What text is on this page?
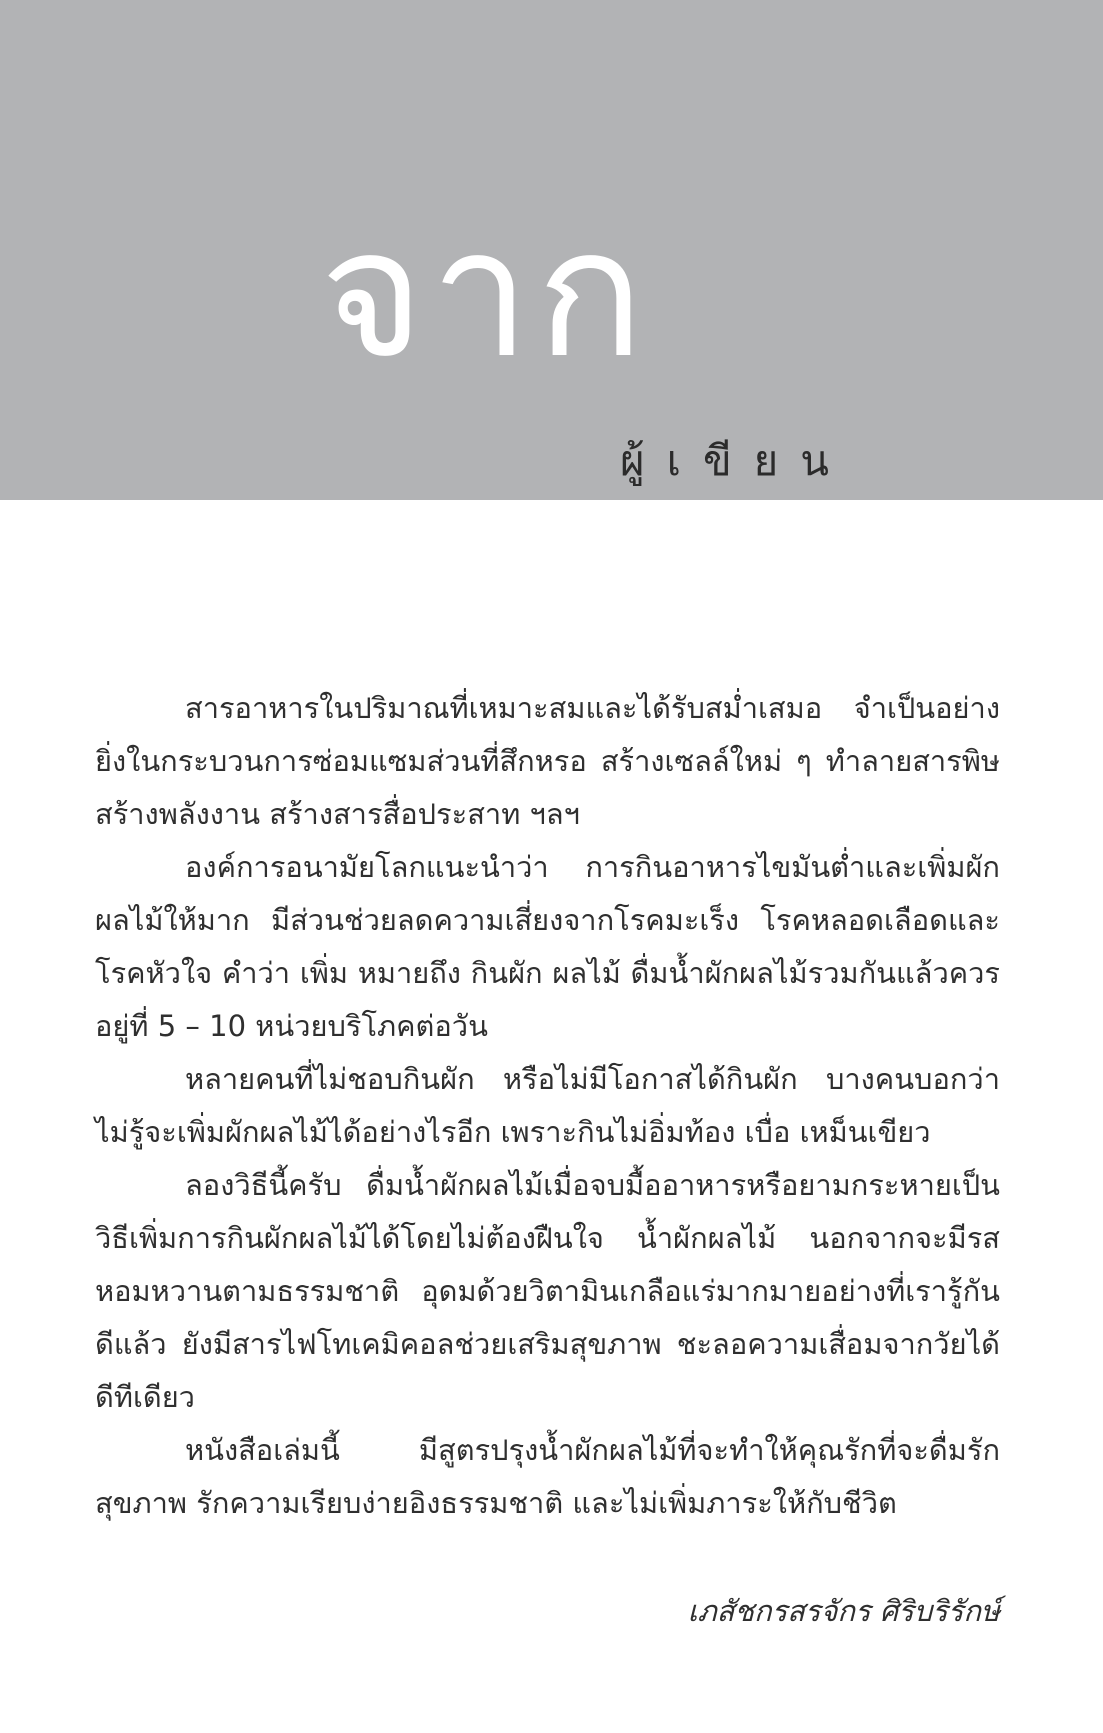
จาก
ผู้เขียน

สารอาหารในปริมาณที่เหมาะสมและได้รับสม่ำเสมอ จำเป็นอย่างยิ่งในกระบวนการซ่อมแซมส่วนที่สึกหรอ สร้างเซลล์ใหม่ ๆ ทำลายสารพิษ สร้างพลังงาน สร้างสารสื่อประสาท ฯลฯ

องค์การอนามัยโลกแนะนำว่า การกินอาหารไขมันต่ำและเพิ่มผักผลไม้ให้มาก มีส่วนช่วยลดความเสี่ยงจากโรคมะเร็ง โรคหลอดเลือดและโรคหัวใจ คำว่า เพิ่ม หมายถึง กินผัก ผลไม้ ดื่มน้ำผักผลไม้รวมกันแล้วควรอยู่ที่ 5 – 10 หน่วยบริโภคต่อวัน

หลายคนที่ไม่ชอบกินผัก หรือไม่มีโอกาสได้กินผัก บางคนบอกว่าไม่รู้จะเพิ่มผักผลไม้ได้อย่างไรอีก เพราะกินไม่อิ่มท้อง เบื่อ เหม็นเขียว

ลองวิธีนี้ครับ ดื่มน้ำผักผลไม้เมื่อจบมื้ออาหารหรือยามกระหายเป็นวิธีเพิ่มการกินผักผลไม้ได้โดยไม่ต้องฝืนใจ น้ำผักผลไม้ นอกจากจะมีรสหอมหวานตามธรรมชาติ อุดมด้วยวิตามินเกลือแร่มากมายอย่างที่เรารู้กันดีแล้ว ยังมีสารไฟโทเคมิคอลช่วยเสริมสุขภาพ ชะลอความเสื่อมจากวัยได้ดีทีเดียว

หนังสือเล่มนี้ มีสูตรปรุงน้ำผักผลไม้ที่จะทำให้คุณรักที่จะดื่มรักสุขภาพ รักความเรียบง่ายอิงธรรมชาติ และไม่เพิ่มภาระให้กับชีวิต

เภสัชกรสรจักร ศิริบริรักษ์
